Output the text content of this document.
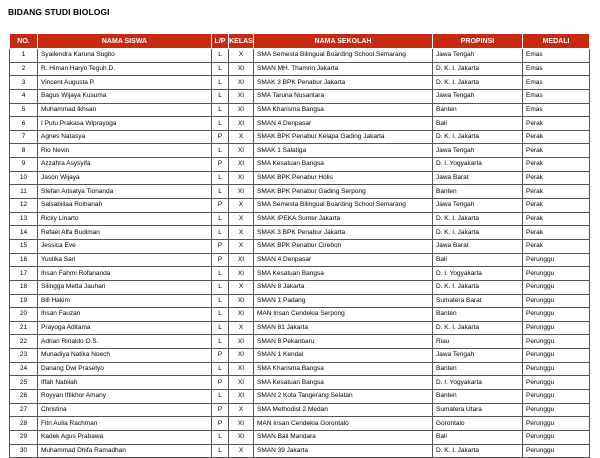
BIDANG STUDI BIOLOGI
NO.	NAMA SISWA	L/P	KELAS	NAMA SEKOLAH	PROPINSI	MEDALI
1	Syailendra Karuna Sugito	L	X	SMA Semesta Bilingual Boarding School Semarang	Jawa Tengah	Emas
2	R. Himan Haryo Teguh D.	L	XI	SMAN MH. Thamrin Jakarta	D. K. I. Jakarta	Emas
3	Vincent Augusta P.	L	XI	SMAK 3 BPK Penabur Jakarta	D. K. I. Jakarta	Emas
4	Bagus Wijaya Kusuma	L	XI	SMA Taruna Nusantara	Jawa Tengah	Emas
5	Muhammad Ikhsan	L	XI	SMA Kharisma Bangsa	Banten	Emas
6	I Putu Prakasa Wiprayoga	L	XI	SMAN 4 Denpasar	Bali	Perak
7	Agnes Natasya	P	X	SMAK BPK Penabur Kelapa Gading Jakarta	D. K. I. Jakarta	Perak
8	Rio Nevin	L	XI	SMAK 1 Salatiga	Jawa Tengah	Perak
9	Azzahra Asysyifa	P	XI	SMA Kesatuan Bangsa	D. I. Yogyakarta	Perak
10	Jason Wijaya	L	XI	SMAK BPK Penabur Holis	Jawa Barat	Perak
11	Stefan Arisatya Tionanda	L	XI	SMAK BPK Penabur Gading Serpong	Banten	Perak
12	Salsabiilaa Roihanah	P	X	SMA Semesta Bilingual Boarding School Semarang	Jawa Tengah	Perak
13	Ricky Linarto	L	X	SMAK IPEKA Sunter Jakarta	D. K. I. Jakarta	Perak
14	Refael Alfa Budiman	L	X	SMAK 3 BPK Penabur Jakarta	D. K. I. Jakarta	Perak
15	Jessica Eve	P	X	SMAK BPK Penabur Cirebon	Jawa Barat	Perak
16	Yustika Sari	P	XI	SMAN 4 Denpasar	Bali	Perunggu
17	Ihsan Fahmi Rofananda	L	XI	SMA Kesatuan Bangsa	D. I. Yogyakarta	Perunggu
18	Silingga Metta Jauhari	L	X	SMAN 8 Jakarta	D. K. I. Jakarta	Perunggu
19	Bill Hakim	L	XI	SMAN 1 Padang	Sumatera Barat	Perunggu
20	Ihsan Fauzan	L	XI	MAN Insan Cendekia Serpong	Banten	Perunggu
21	Prayoga Aditama	L	X	SMAN 81 Jakarta	D. K. I. Jakarta	Perunggu
22	Adrian Rinaldo O.S.	L	XI	SMAN 8 Pekanbaru	Riau	Perunggu
23	Munadiya Natika Noech	P	XI	SMAN 1 Kendal	Jawa Tengah	Perunggu
24	Danang Dwi Prasetyo	L	XI	SMA Kharisma Bangsa	Banten	Perunggu
25	Iffah Nabilah	P	XI	SMA Kesatuan Bangsa	D. I. Yogyakarta	Perunggu
26	Royyan Iftikhor Amany	L	XI	SMAN 2 Kota Tangerang Selatan	Banten	Perunggu
27	Christina	P	X	SMA Methodist 2 Medan	Sumatera Utara	Perunggu
28	Fitri Aulia Rachman	P	XI	MAN Insan Cendekia Gorontalo	Gorontalo	Perunggu
29	Kadek Agus Prabawa	L	XI	SMAN Bali Mandara	Bali	Perunggu
30	Muhammad Dhifa Ramadhan	L	X	SMAN 39 Jakarta	D. K. I. Jakarta	Perunggu
